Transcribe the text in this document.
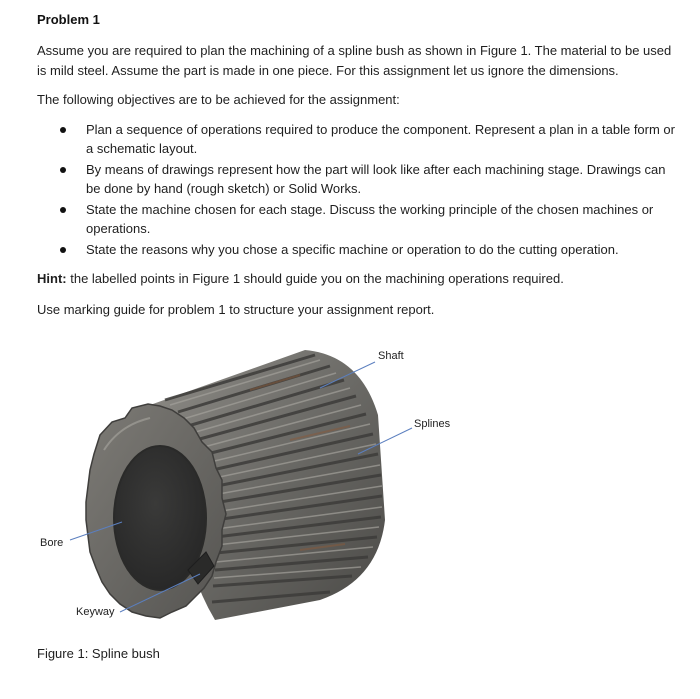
Problem 1
Assume you are required to plan the machining of a spline bush as shown in Figure 1. The material to be used is mild steel. Assume the part is made in one piece. For this assignment let us ignore the dimensions.
The following objectives are to be achieved for the assignment:
Plan a sequence of operations required to produce the component. Represent a plan in a table form or a schematic layout.
By means of drawings represent how the part will look like after each machining stage. Drawings can be done by hand (rough sketch) or Solid Works.
State the machine chosen for each stage. Discuss the working principle of the chosen machines or operations.
State the reasons why you chose a specific machine or operation to do the cutting operation.
Hint: the labelled points in Figure 1 should guide you on the machining operations required.
Use marking guide for problem 1 to structure your assignment report.
Shaft
Splines
Bore
Keyway
Figure 1: Spline bush
